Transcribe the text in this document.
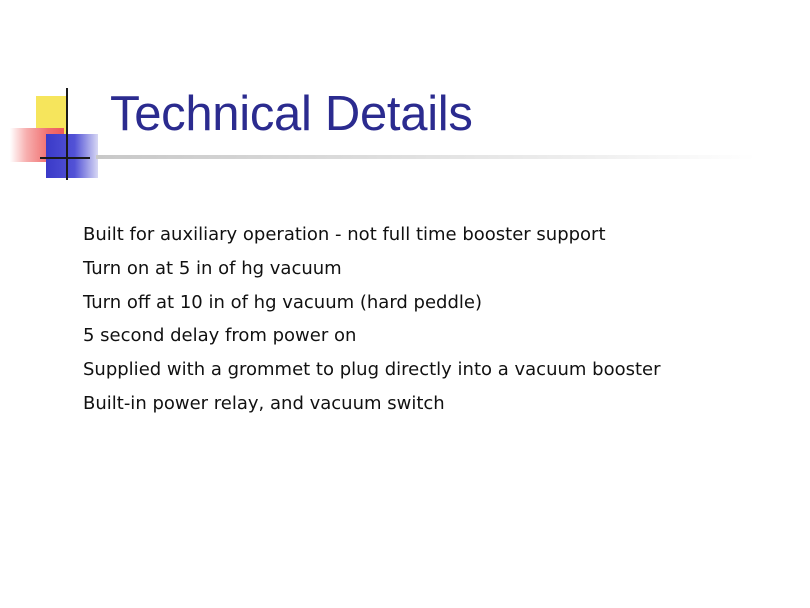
Technical Details
Built for auxiliary operation - not full time booster support
Turn on at 5 in of hg vacuum
Turn off at 10 in of hg vacuum (hard peddle)
5 second delay from power on
Supplied with a grommet to plug directly into a vacuum booster
Built-in power relay, and vacuum switch
